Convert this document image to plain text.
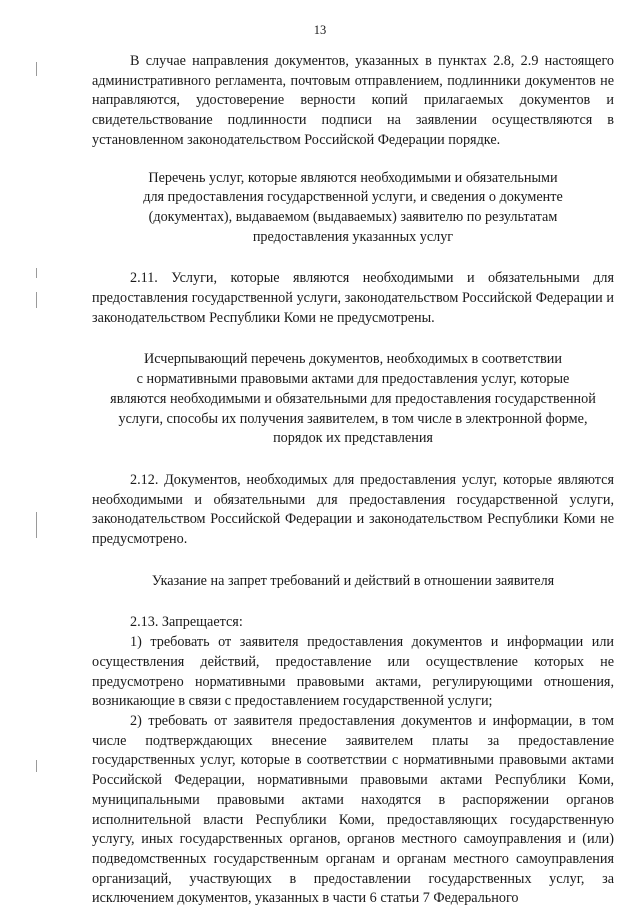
13

В случае направления документов, указанных в пунктах 2.8, 2.9 настоящего административного регламента, почтовым отправлением, подлинники документов не направляются, удостоверение верности копий прилагаемых документов и свидетельствование подлинности подписи на заявлении осуществляются в установленном законодательством Российской Федерации порядке.

Перечень услуг, которые являются необходимыми и обязательными

для предоставления государственной услуги, и сведения о документе

(документах), выдаваемом (выдаваемых) заявителю по результатам

предоставления указанных услуг

2.11. Услуги, которые являются необходимыми и обязательными для предоставления государственной услуги, законодательством Российской Федерации и законодательством Республики Коми не предусмотрены.

Исчерпывающий перечень документов, необходимых в соответствии

с нормативными правовыми актами для предоставления услуг, которые

являются необходимыми и обязательными для предоставления государственной

услуги, способы их получения заявителем, в том числе в электронной форме,

порядок их представления

2.12. Документов, необходимых для предоставления услуг, которые являются необходимыми и обязательными для предоставления государственной услуги, законодательством Российской Федерации и законодательством Республики Коми не предусмотрено.

Указание на запрет требований и действий в отношении заявителя

2.13. Запрещается:

1) требовать от заявителя предоставления документов и информации или осуществления действий, предоставление или осуществление которых не предусмотрено нормативными правовыми актами, регулирующими отношения, возникающие в связи с предоставлением государственной услуги;

2) требовать от заявителя предоставления документов и информации, в том числе подтверждающих внесение заявителем платы за предоставление государственных услуг, которые в соответствии с нормативными правовыми актами Российской Федерации, нормативными правовыми актами Республики Коми, муниципальными правовыми актами находятся в распоряжении органов исполнительной власти Республики Коми, предоставляющих государственную услугу, иных государственных органов, органов местного самоуправления и (или) подведомственных государственным органам и органам местного самоуправления организаций, участвующих в предоставлении государственных услуг, за исключением документов, указанных в части 6 статьи 7 Федерального
